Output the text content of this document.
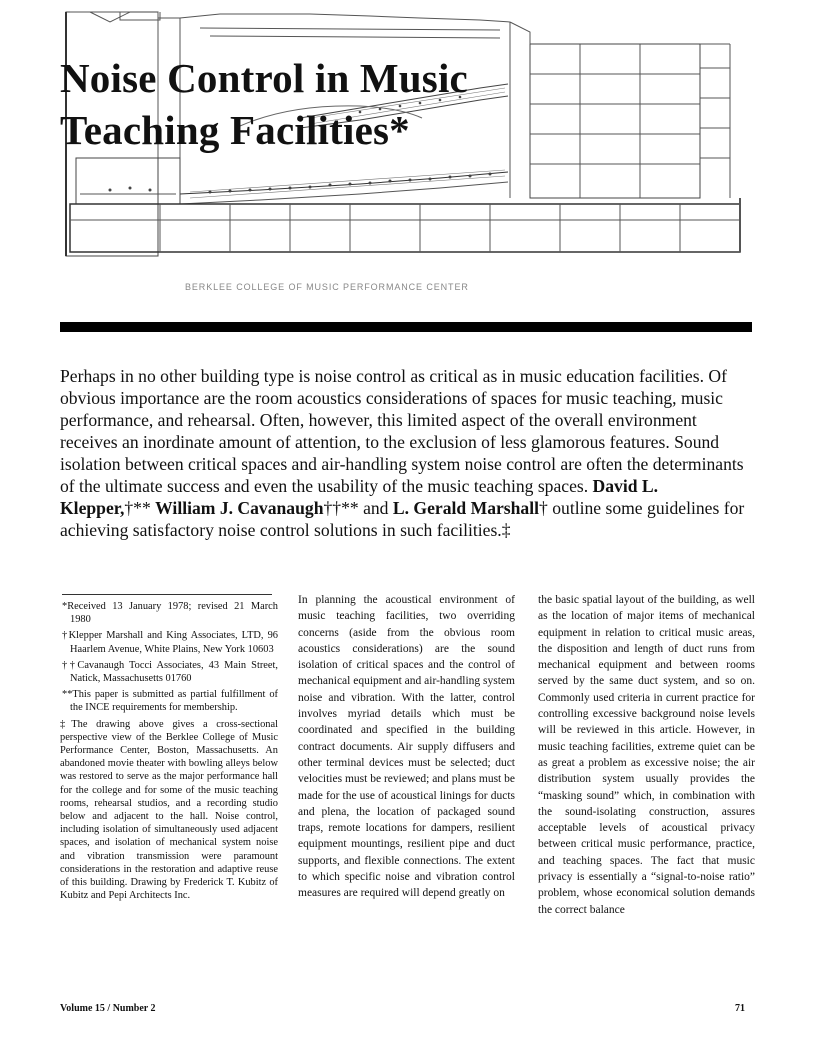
Noise Control in Music
Teaching Facilities*
BERKLEE COLLEGE OF MUSIC PERFORMANCE CENTER

Perhaps in no other building type is noise control as critical as in music education facilities. Of obvious importance are the room acoustics considerations of spaces for music teaching, music performance, and rehearsal. Often, however, this limited aspect of the overall environment receives an inordinate amount of attention, to the exclusion of less glamorous features. Sound isolation between critical spaces and air-handling system noise control are often the determinants of the ultimate success and even the usability of the music teaching spaces. David L. Klepper,†** William J. Cavanaugh††** and L. Gerald Marshall† outline some guidelines for achieving satisfactory noise control solutions in such facilities.‡

*Received 13 January 1978; revised 21 March 1980

†Klepper Marshall and King Associates, LTD, 96 Haarlem Avenue, White Plains, New York 10603

††Cavanaugh Tocci Associates, 43 Main Street, Natick, Massachusetts 01760

**This paper is submitted as partial fulfillment of the INCE requirements for membership.

‡The drawing above gives a cross-sectional perspective view of the Berklee College of Music Performance Center, Boston, Massachusetts. An abandoned movie theater with bowling alleys below was restored to serve as the major performance hall for the college and for some of the music teaching rooms, rehearsal studios, and a recording studio below and adjacent to the hall. Noise control, including isolation of simultaneously used adjacent spaces, and isolation of mechanical system noise and vibration transmission were paramount considerations in the restoration and adaptive reuse of this building. Drawing by Frederick T. Kubitz of Kubitz and Pepi Architects Inc.

In planning the acoustical environment of music teaching facilities, two overriding concerns (aside from the obvious room acoustics considerations) are the sound isolation of critical spaces and the control of mechanical equipment and air-handling system noise and vibration. With the latter, control involves myriad details which must be coordinated and specified in the building contract documents. Air supply diffusers and other terminal devices must be selected; duct velocities must be reviewed; and plans must be made for the use of acoustical linings for ducts and plena, the location of packaged sound traps, remote locations for dampers, resilient equipment mountings, resilient pipe and duct supports, and flexible connections. The extent to which specific noise and vibration control measures are required will depend greatly on

the basic spatial layout of the building, as well as the location of major items of mechanical equipment in relation to critical music areas, the disposition and length of duct runs from mechanical equipment and between rooms served by the same duct system, and so on. Commonly used criteria in current practice for controlling excessive background noise levels will be reviewed in this article. However, in music teaching facilities, extreme quiet can be as great a problem as excessive noise; the air distribution system usually provides the “masking sound” which, in combination with the sound-isolating construction, assures acceptable levels of acoustical privacy between critical music performance, practice, and teaching spaces. The fact that music privacy is essentially a “signal-to-noise ratio” problem, whose economical solution demands the correct balance

Volume 15 / Number 2	71
